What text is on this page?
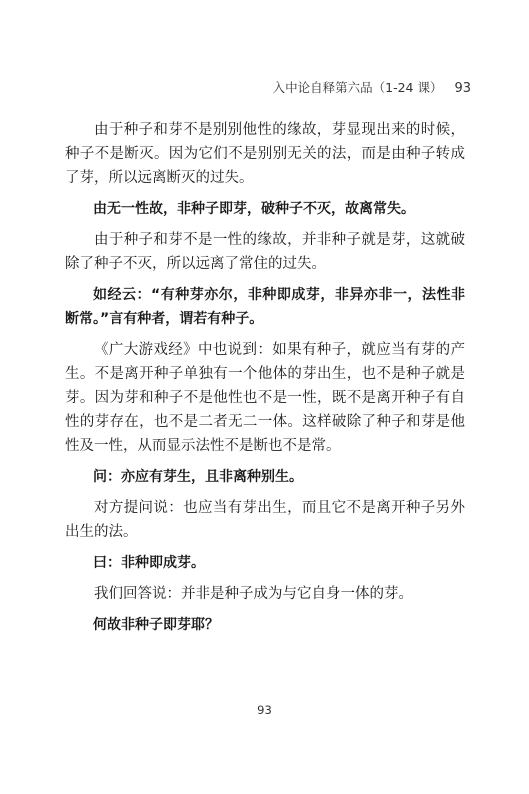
入中论自释第六品（1-24 课） 93

由于种子和芽不是别别他性的缘故，芽显现出来的时候，种子不是断灭。因为它们不是别别无关的法，而是由种子转成了芽，所以远离断灭的过失。

由无一性故，非种子即芽，破种子不灭，故离常失。

由于种子和芽不是一性的缘故，并非种子就是芽，这就破除了种子不灭，所以远离了常住的过失。

如经云：“有种芽亦尔，非种即成芽，非异亦非一，法性非断常。”言有种者，谓若有种子。

《广大游戏经》中也说到：如果有种子，就应当有芽的产生。不是离开种子单独有一个他体的芽出生，也不是种子就是芽。因为芽和种子不是他性也不是一性，既不是离开种子有自性的芽存在，也不是二者无二一体。这样破除了种子和芽是他性及一性，从而显示法性不是断也不是常。

问：亦应有芽生，且非离种别生。

对方提问说：也应当有芽出生，而且它不是离开种子另外出生的法。

曰：非种即成芽。

我们回答说：并非是种子成为与它自身一体的芽。

何故非种子即芽耶？

93
